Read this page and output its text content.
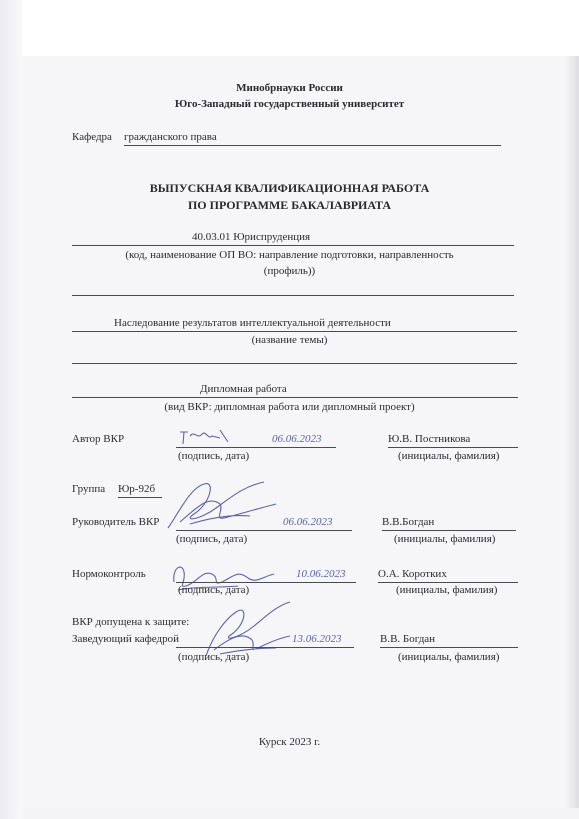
Минобрнауки России
Юго-Западный государственный университет
Кафедра гражданского права
ВЫПУСКНАЯ КВАЛИФИКАЦИОННАЯ РАБОТА
ПО ПРОГРАММЕ БАКАЛАВРИАТА
40.03.01 Юриспруденция
(код, наименование ОП ВО: направление подготовки, направленность
(профиль))
Наследование результатов интеллектуальной деятельности
(название темы)
Дипломная работа
(вид ВКР: дипломная работа или дипломный проект)
Автор ВКР	06.06.2023	Ю.В. Постникова
(подпись, дата)	(инициалы, фамилия)
Группа Юр-92б
Руководитель ВКР	06.06.2023	В.В.Богдан
(подпись, дата)	(инициалы, фамилия)
Нормоконтроль	10.06.2023	О.А. Коротких
(подпись, дата)	(инициалы, фамилия)
ВКР допущена к защите:
Заведующий кафедрой	13.06.2023	В.В. Богдан
(подпись, дата)	(инициалы, фамилия)
Курск 2023 г.
